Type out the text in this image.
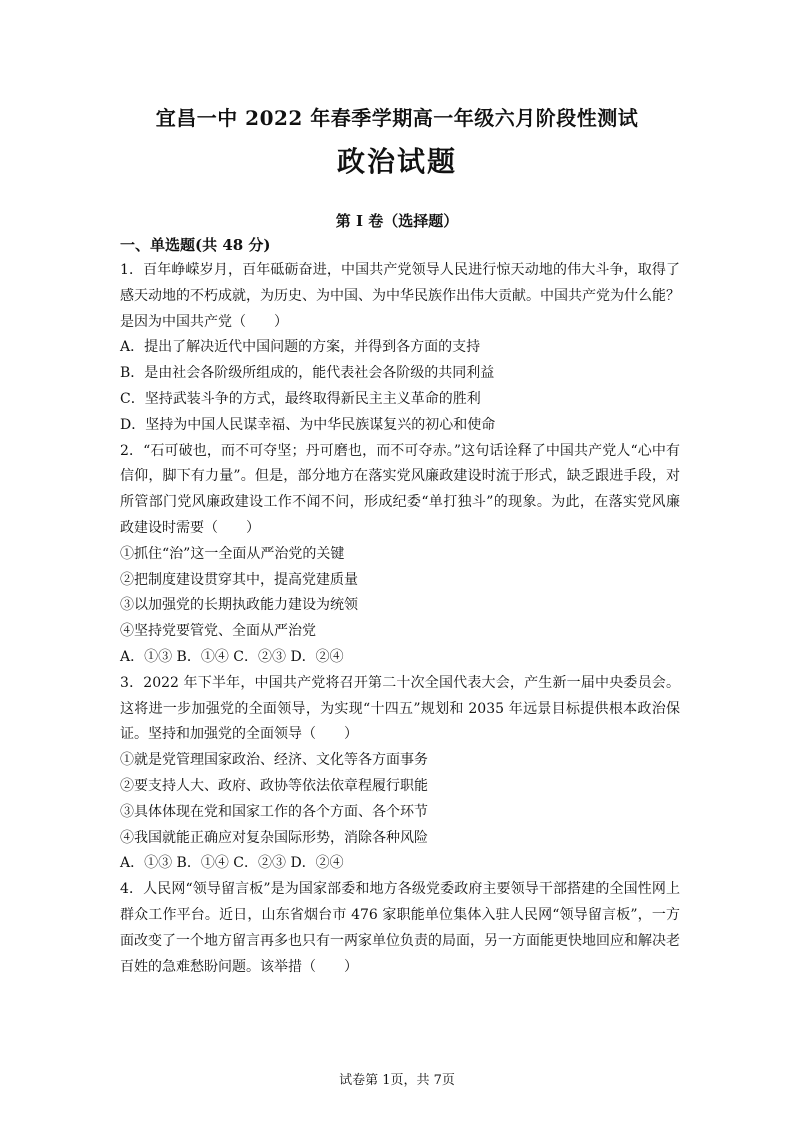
宜昌一中 2022 年春季学期高一年级六月阶段性测试
政治试题
第 I 卷（选择题）
一、单选题(共 48 分)

1．百年峥嵘岁月，百年砥砺奋进，中国共产党领导人民进行惊天动地的伟大斗争，取得了感天动地的不朽成就，为历史、为中国、为中华民族作出伟大贡献。中国共产党为什么能？是因为中国共产党（　　）

A．提出了解决近代中国问题的方案，并得到各方面的支持

B．是由社会各阶级所组成的，能代表社会各阶级的共同利益

C．坚持武装斗争的方式，最终取得新民主主义革命的胜利

D．坚持为中国人民谋幸福、为中华民族谋复兴的初心和使命

2．“石可破也，而不可夺坚；丹可磨也，而不可夺赤。”这句话诠释了中国共产党人“心中有信仰，脚下有力量”。但是，部分地方在落实党风廉政建设时流于形式，缺乏跟进手段，对所管部门党风廉政建设工作不闻不问，形成纪委“单打独斗”的现象。为此，在落实党风廉政建设时需要（　　）

①抓住“治”这一全面从严治党的关键

②把制度建设贯穿其中，提高党建质量

③以加强党的长期执政能力建设为统领

④坚持党要管党、全面从严治党

A．①③ B．①④ C．②③ D．②④

3．2022 年下半年，中国共产党将召开第二十次全国代表大会，产生新一届中央委员会。这将进一步加强党的全面领导，为实现“十四五”规划和 2035 年远景目标提供根本政治保证。坚持和加强党的全面领导（　　）

①就是党管理国家政治、经济、文化等各方面事务

②要支持人大、政府、政协等依法依章程履行职能

③具体体现在党和国家工作的各个方面、各个环节

④我国就能正确应对复杂国际形势，消除各种风险

A．①③ B．①④ C．②③ D．②④

4．人民网“领导留言板”是为国家部委和地方各级党委政府主要领导干部搭建的全国性网上群众工作平台。近日，山东省烟台市 476 家职能单位集体入驻人民网“领导留言板”，一方面改变了一个地方留言再多也只有一两家单位负责的局面，另一方面能更快地回应和解决老百姓的急难愁盼问题。该举措（　　）

试卷第 1页，共 7页
